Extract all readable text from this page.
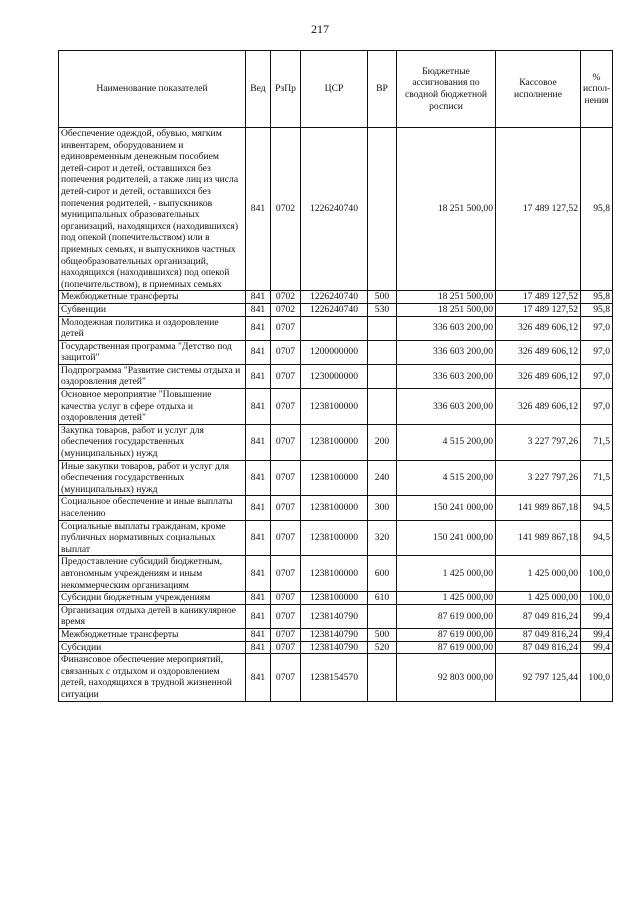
217
Наименование показателей	Вед	РзПр	ЦСР	ВР	Бюджетные ассигнования по сводной бюджетной росписи	Кассовое исполнение	% испол-нения
Обеспечение одеждой, обувью, мягким инвентарем, оборудованием и единовременным денежным пособием детей-сирот и детей, оставшихся без попечения родителей, а также лиц из числа детей-сирот и детей, оставшихся без попечения родителей, - выпускников муниципальных образовательных организаций, находящихся (находившихся) под опекой (попечительством) или в приемных семьях, и выпускников частных общеобразовательных организаций, находящихся (находившихся) под опекой (попечительством), в приемных семьях	841	0702	1226240740		18 251 500,00	17 489 127,52	95,8
Межбюджетные трансферты	841	0702	1226240740	500	18 251 500,00	17 489 127,52	95,8
Субвенции	841	0702	1226240740	530	18 251 500,00	17 489 127,52	95,8
Молодежная политика и оздоровление детей	841	0707			336 603 200,00	326 489 606,12	97,0
Государственная программа "Детство под защитой"	841	0707	1200000000		336 603 200,00	326 489 606,12	97,0
Подпрограмма "Развитие системы отдыха и оздоровления детей"	841	0707	1230000000		336 603 200,00	326 489 606,12	97,0
Основное мероприятие "Повышение качества услуг в сфере отдыха и оздоровления детей"	841	0707	1238100000		336 603 200,00	326 489 606,12	97,0
Закупка товаров, работ и услуг для обеспечения государственных (муниципальных) нужд	841	0707	1238100000	200	4 515 200,00	3 227 797,26	71,5
Иные закупки товаров, работ и услуг для обеспечения государственных (муниципальных) нужд	841	0707	1238100000	240	4 515 200,00	3 227 797,26	71,5
Социальное обеспечение и иные выплаты населению	841	0707	1238100000	300	150 241 000,00	141 989 867,18	94,5
Социальные выплаты гражданам, кроме публичных нормативных социальных выплат	841	0707	1238100000	320	150 241 000,00	141 989 867,18	94,5
Предоставление субсидий бюджетным, автономным учреждениям и иным некоммерческим организациям	841	0707	1238100000	600	1 425 000,00	1 425 000,00	100,0
Субсидии бюджетным учреждениям	841	0707	1238100000	610	1 425 000,00	1 425 000,00	100,0
Организация отдыха детей в каникулярное время	841	0707	1238140790		87 619 000,00	87 049 816,24	99,4
Межбюджетные трансферты	841	0707	1238140790	500	87 619 000,00	87 049 816,24	99,4
Субсидии	841	0707	1238140790	520	87 619 000,00	87 049 816,24	99,4
Финансовое обеспечение мероприятий, связанных с отдыхом и оздоровлением детей, находящихся в трудной жизненной ситуации	841	0707	1238154570		92 803 000,00	92 797 125,44	100,0
